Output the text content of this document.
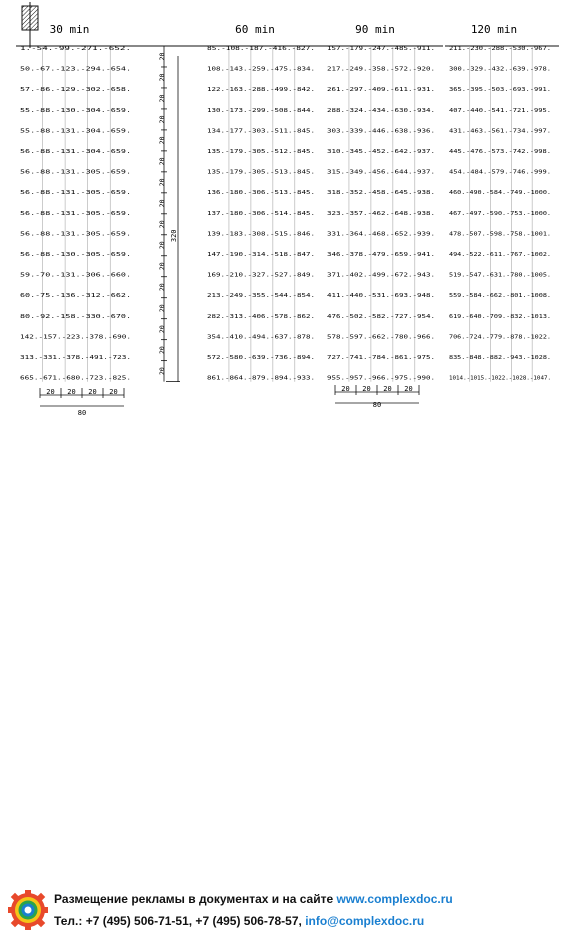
30 min
1.-54.-99.-271.-652.
50.-67.-123.-294.-654.
57.-86.-129.-302.-658.
55.-88.-130.-304.-659.
55.-88.-131.-304.-659.
56.-88.-131.-304.-659.
56.-88.-131.-305.-659.
56.-88.-131.-305.-659.
56.-88.-131.-305.-659.
56.-88.-131.-305.-659.
56.-88.-130.-305.-659.
59.-70.-131.-306.-660.
60.-75.-136.-312.-662.
80.-92.-158.-330.-670.
142.-157.-223.-378.-690.
313.-331.-378.-491.-723.
665.-671.-680.-723.-825.
60 min
85.-108.-187.-416.-827.
108.-143.-259.-475.-834.
122.-163.-288.-499.-842.
130.-173.-299.-508.-844.
134.-177.-303.-511.-845.
135.-179.-305.-512.-845.
135.-179.-305.-513.-845.
136.-180.-306.-513.-845.
137.-180.-306.-514.-845.
139.-183.-308.-515.-846.
147.-190.-314.-518.-847.
169.-210.-327.-527.-849.
213.-249.-355.-544.-854.
282.-313.-406.-578.-862.
354.-410.-494.-637.-878.
572.-580.-639.-736.-894.
861.-864.-879.-894.-933.
90 min
157.-179.-247.-485.-911.
217.-249.-358.-572.-920.
261.-297.-409.-611.-931.
288.-324.-434.-630.-934.
303.-339.-446.-638.-936.
310.-345.-452.-642.-937.
315.-349.-456.-644.-937.
318.-352.-458.-645.-938.
323.-357.-462.-648.-938.
331.-364.-468.-652.-939.
346.-378.-479.-659.-941.
371.-402.-499.-672.-943.
411.-440.-531.-693.-948.
476.-502.-582.-727.-954.
578.-597.-662.-780.-966.
727.-741.-784.-861.-975.
955.-957.-966.-975.-990.
120 min
211.-230.-288.-530.-967.
300.-329.-432.-639.-978.
365.-395.-503.-693.-991.
407.-440.-541.-721.-995.
431.-463.-561.-734.-997.
445.-476.-573.-742.-998.
454.-484.-579.-746.-999.
460.-490.-584.-749.-1000.
467.-497.-590.-753.-1000.
478.-507.-598.-758.-1001.
494.-522.-611.-767.-1002.
519.-547.-631.-780.-1005.
559.-584.-662.-801.-1008.
619.-640.-709.-832.-1013.
706.-724.-779.-878.-1022.
835.-848.-882.-943.-1028.
1014.-1015.-1022.-1028.-1047.
20
20
20
20
20
20
20
20
20
20
20
20
20
20
20
20
320
20 20 20 20
80
20 20 20 20
80
Размещение рекламы в документах и на сайте www.complexdoc.ru
Тел.: +7 (495) 506-71-51, +7 (495) 506-78-57, info@complexdoc.ru
